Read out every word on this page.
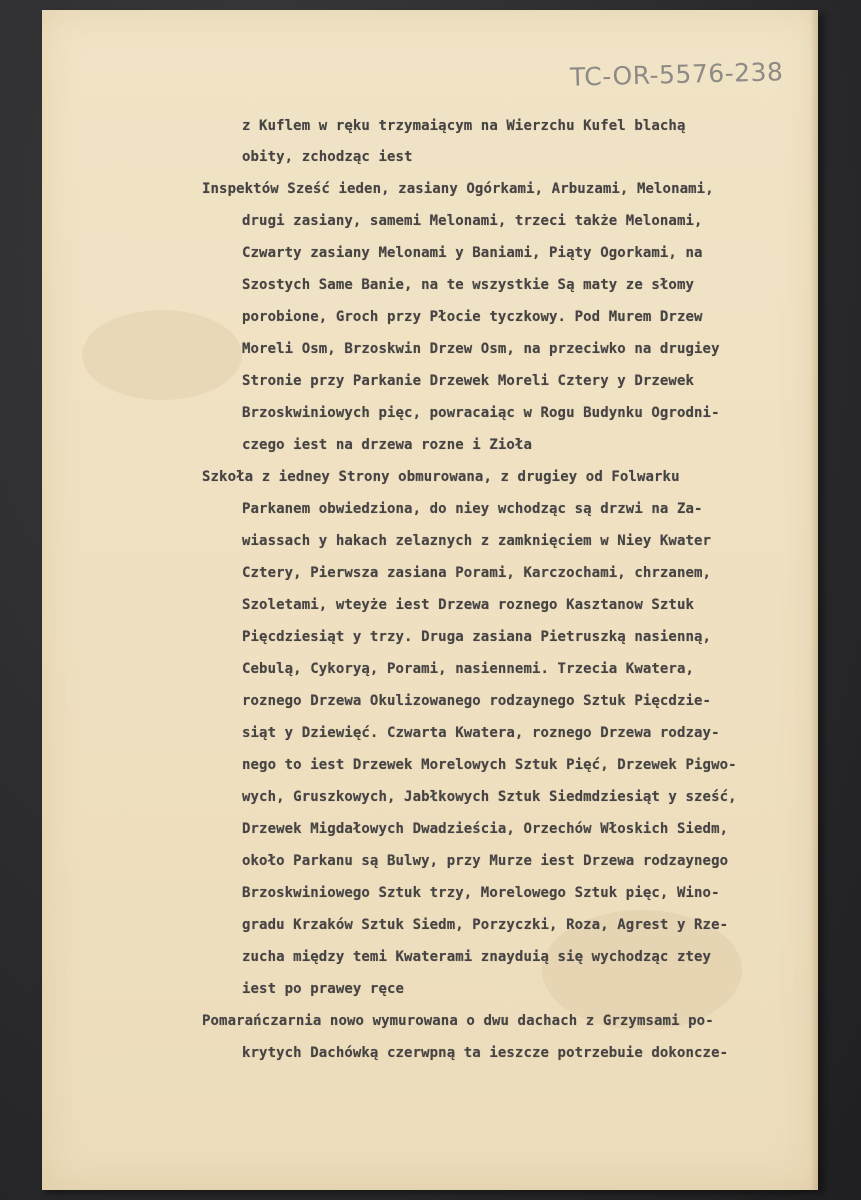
TC-OR-5576-238
z Kuflem w ręku trzymaiącym na Wierzchu Kufel blachą
obity, zchodząc iest
Inspektów Sześć ieden, zasiany Ogórkami, Arbuzami, Melonami,
drugi zasiany, samemi Melonami, trzeci także Melonami,
Czwarty zasiany Melonami y Baniami, Piąty Ogorkami, na
Szostych Same Banie, na te wszystkie Są maty ze słomy
porobione, Groch przy Płocie tyczkowy. Pod Murem Drzew
Moreli Osm, Brzoskwin Drzew Osm, na przeciwko na drugiey
Stronie przy Parkanie Drzewek Moreli Cztery y Drzewek
Brzoskwiniowych pięc, powracaiąc w Rogu Budynku Ogrodni-
czego iest na drzewa rozne i Zioła
Szkoła z iedney Strony obmurowana, z drugiey od Folwarku
Parkanem obwiedziona, do niey wchodząc są drzwi na Za-
wiassach y hakach zelaznych z zamknięciem w Niey Kwater
Cztery, Pierwsza zasiana Porami, Karczochami, chrzanem,
Szoletami, wteyże iest Drzewa roznego Kasztanow Sztuk
Pięcdziesiąt y trzy. Druga zasiana Pietruszką nasienną,
Cebulą, Cykoryą, Porami, nasiennemi. Trzecia Kwatera,
roznego Drzewa Okulizowanego rodzaynego Sztuk Pięcdzie-
siąt y Dziewięć. Czwarta Kwatera, roznego Drzewa rodzay-
nego to iest Drzewek Morelowych Sztuk Pięć, Drzewek Pigwo-
wych, Gruszkowych, Jabłkowych Sztuk Siedmdziesiąt y sześć,
Drzewek Migdałowych Dwadzieścia, Orzechów Włoskich Siedm,
około Parkanu są Bulwy, przy Murze iest Drzewa rodzaynego
Brzoskwiniowego Sztuk trzy, Morelowego Sztuk pięc, Wino-
gradu Krzaków Sztuk Siedm, Porzyczki, Roza, Agrest y Rze-
zucha między temi Kwaterami znayduią się wychodząc ztey
iest po prawey ręce
Pomarańczarnia nowo wymurowana o dwu dachach z Grzymsami po-
krytych Dachówką czerwpną ta ieszcze potrzebuie dokoncze-
